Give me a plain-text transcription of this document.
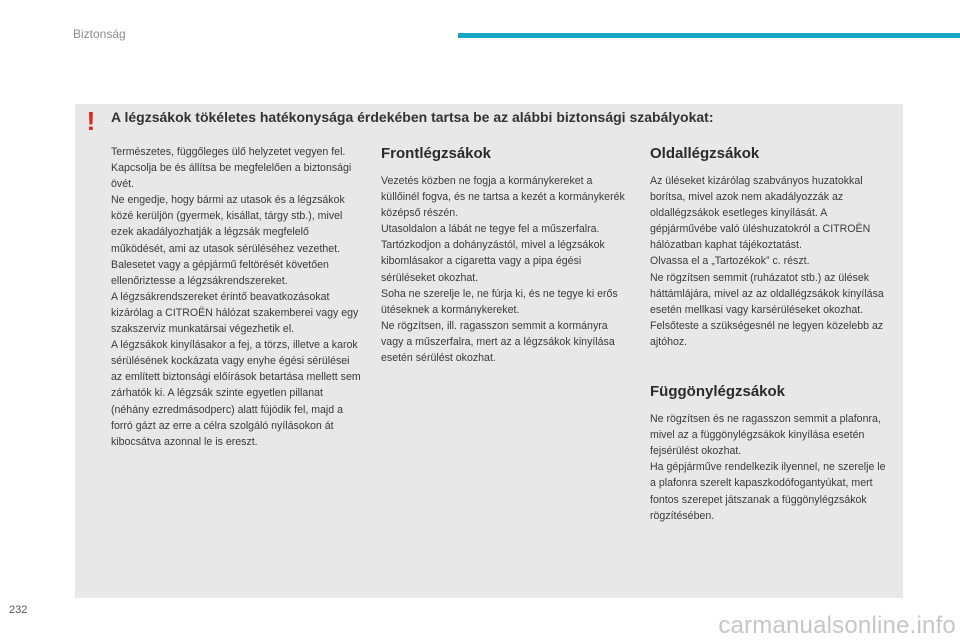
Biztonság
! A légzsákok tökéletes hatékonysága érdekében tartsa be az alábbi biztonsági szabályokat:

Természetes, függőleges ülő helyzetet vegyen fel.

Kapcsolja be és állítsa be megfelelően a biztonsági övét.

Ne engedje, hogy bármi az utasok és a légzsákok közé kerüljön (gyermek, kisállat, tárgy stb.), mivel ezek akadályozhatják a légzsák megfelelő működését, ami az utasok sérüléséhez vezethet.

Balesetet vagy a gépjármű feltörését követően ellenőriztesse a légzsákrendszereket.

A légzsákrendszereket érintő beavatkozásokat kizárólag a CITROËN hálózat szakemberei vagy egy szakszerviz munkatársai végezhetik el.

A légzsákok kinyílásakor a fej, a törzs, illetve a karok sérülésének kockázata vagy enyhe égési sérülései az említett biztonsági előírások betartása mellett sem zárhatók ki. A légzsák szinte egyetlen pillanat (néhány ezredmásodperc) alatt fújódik fel, majd a forró gázt az erre a célra szolgáló nyílásokon át kibocsátva azonnal le is ereszt.

Frontlégzsákok

Vezetés közben ne fogja a kormánykereket a küllőinél fogva, és ne tartsa a kezét a kormánykerék középső részén.

Utasoldalon a lábát ne tegye fel a műszerfalra.

Tartózkodjon a dohányzástól, mivel a légzsákok kibomlásakor a cigaretta vagy a pipa égési sérüléseket okozhat.

Soha ne szerelje le, ne fúrja ki, és ne tegye ki erős ütéseknek a kormánykereket.

Ne rögzítsen, ill. ragasszon semmit a kormányra vagy a műszerfalra, mert az a légzsákok kinyílása esetén sérülést okozhat.

Oldallégzsákok

Az üléseket kizárólag szabványos huzatokkal borítsa, mivel azok nem akadályozzák az oldallégzsákok esetleges kinyílását. A gépjárművébe való üléshuzatokról a CITROËN hálózatban kaphat tájékoztatást.

Olvassa el a „Tartozékok” c. részt.

Ne rögzítsen semmit (ruházatot stb.) az ülések háttámlájára, mivel az az oldallégzsákok kinyílása esetén mellkasi vagy karsérüléseket okozhat.

Felsőteste a szükségesnél ne legyen közelebb az ajtóhoz.

Függönylégzsákok

Ne rögzítsen és ne ragasszon semmit a plafonra, mivel az a függönylégzsákok kinyílása esetén fejsérülést okozhat.

Ha gépjárműve rendelkezik ilyennel, ne szerelje le a plafonra szerelt kapaszkodófogantyúkat, mert fontos szerepet játszanak a függönylégzsákok rögzítésében.

232
carmanualsonline.info
